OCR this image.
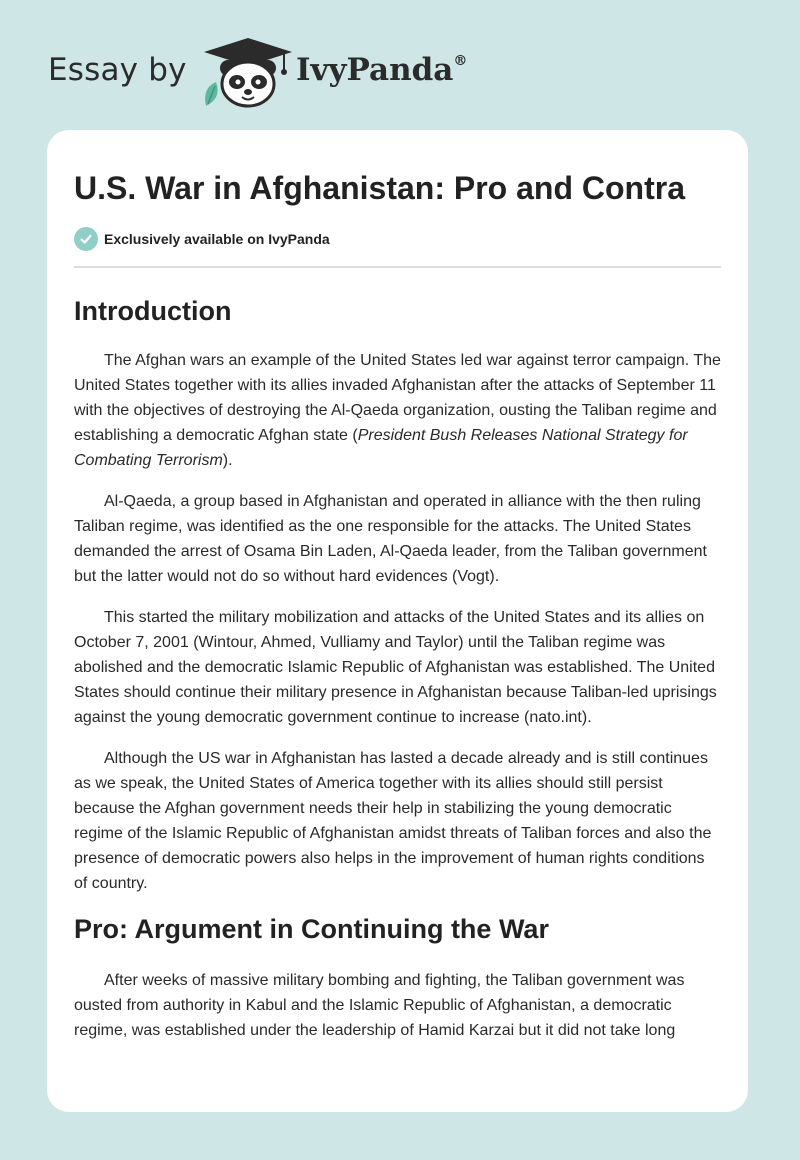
Essay by	IvyPanda®
U.S. War in Afghanistan: Pro and Contra
Exclusively available on IvyPanda
Introduction

The Afghan wars an example of the United States led war against terror campaign. The United States together with its allies invaded Afghanistan after the attacks of September 11 with the objectives of destroying the Al-Qaeda organization, ousting the Taliban regime and establishing a democratic Afghan state (President Bush Releases National Strategy for Combating Terrorism).

Al-Qaeda, a group based in Afghanistan and operated in alliance with the then ruling Taliban regime, was identified as the one responsible for the attacks. The United States demanded the arrest of Osama Bin Laden, Al-Qaeda leader, from the Taliban government but the latter would not do so without hard evidences (Vogt).

This started the military mobilization and attacks of the United States and its allies on October 7, 2001 (Wintour, Ahmed, Vulliamy and Taylor) until the Taliban regime was abolished and the democratic Islamic Republic of Afghanistan was established. The United States should continue their military presence in Afghanistan because Taliban-led uprisings against the young democratic government continue to increase (nato.int).

Although the US war in Afghanistan has lasted a decade already and is still continues as we speak, the United States of America together with its allies should still persist because the Afghan government needs their help in stabilizing the young democratic regime of the Islamic Republic of Afghanistan amidst threats of Taliban forces and also the presence of democratic powers also helps in the improvement of human rights conditions of country.

Pro: Argument in Continuing the War

After weeks of massive military bombing and fighting, the Taliban government was ousted from authority in Kabul and the Islamic Republic of Afghanistan, a democratic regime, was established under the leadership of Hamid Karzai but it did not take long
